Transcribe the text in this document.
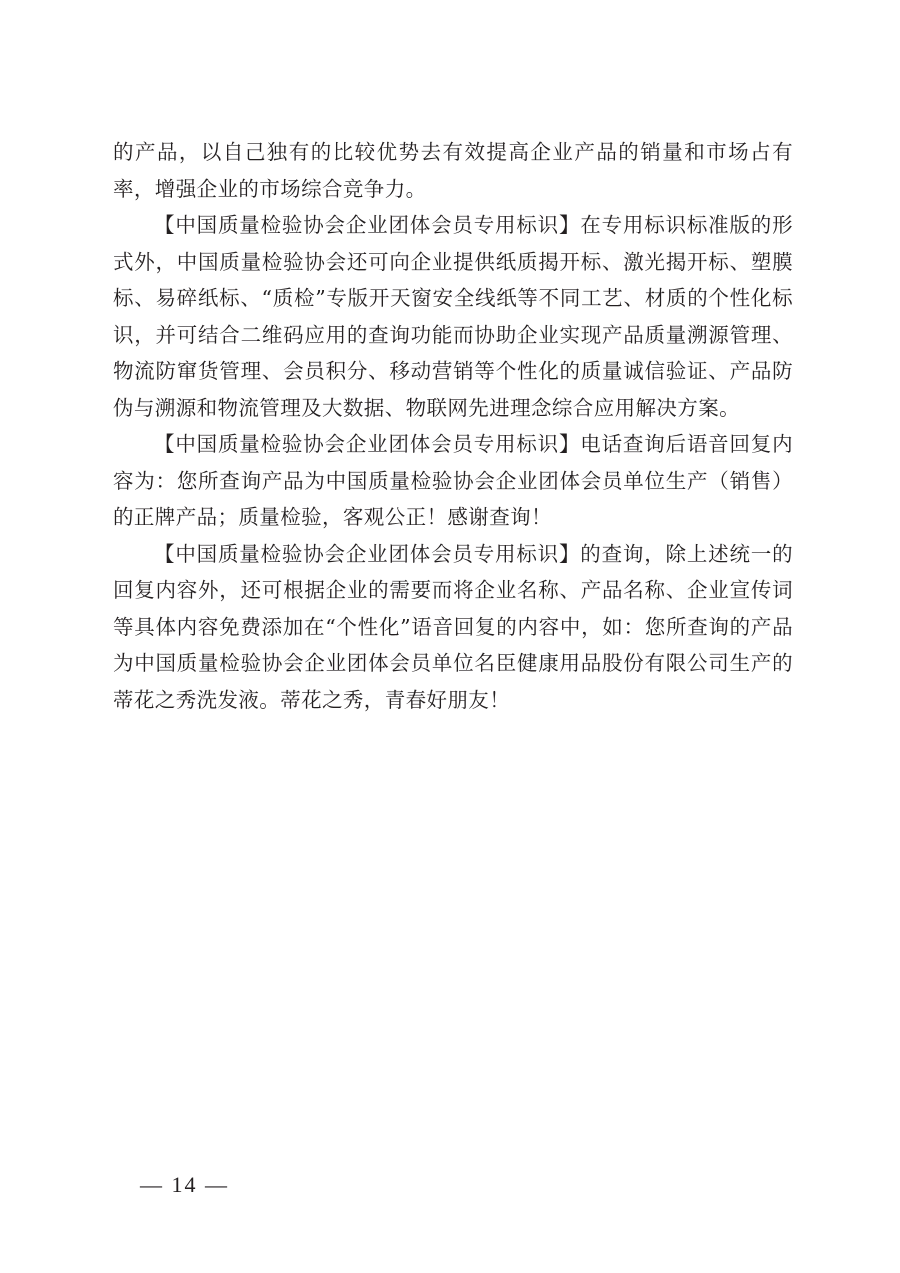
的产品，以自己独有的比较优势去有效提高企业产品的销量和市场占有率，增强企业的市场综合竞争力。

【中国质量检验协会企业团体会员专用标识】在专用标识标准版的形式外，中国质量检验协会还可向企业提供纸质揭开标、激光揭开标、塑膜标、易碎纸标、“质检”专版开天窗安全线纸等不同工艺、材质的个性化标识，并可结合二维码应用的查询功能而协助企业实现产品质量溯源管理、物流防窜货管理、会员积分、移动营销等个性化的质量诚信验证、产品防伪与溯源和物流管理及大数据、物联网先进理念综合应用解决方案。

【中国质量检验协会企业团体会员专用标识】电话查询后语音回复内容为：您所查询产品为中国质量检验协会企业团体会员单位生产（销售）的正牌产品；质量检验，客观公正！感谢查询！

【中国质量检验协会企业团体会员专用标识】的查询，除上述统一的回复内容外，还可根据企业的需要而将企业名称、产品名称、企业宣传词等具体内容免费添加在“个性化”语音回复的内容中，如：您所查询的产品为中国质量检验协会企业团体会员单位名臣健康用品股份有限公司生产的蒂花之秀洗发液。蒂花之秀，青春好朋友！

— 14 —
